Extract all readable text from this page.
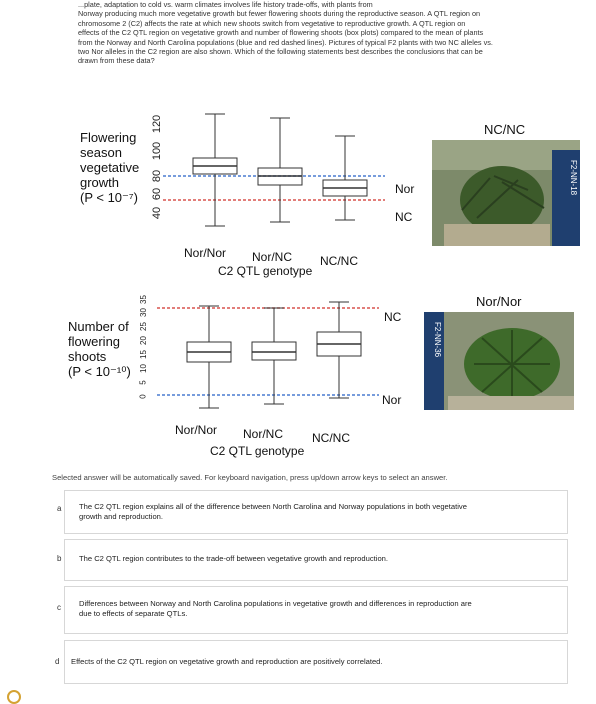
...plate, adaptation to cold vs. warm climates involves life history trade-offs, with plants from
Norway producing much more vegetative growth but fewer flowering shoots during the reproductive season. A QTL region on
chromosome 2 (C2) affects the rate at which new shoots switch from vegetative to reproductive growth. A QTL region on
effects of the C2 QTL region on vegetative growth and number of flowering shoots (box plots) compared to the mean of plants
from the Norway and North Carolina populations (blue and red dashed lines). Pictures of typical F2 plants with two NC alleles vs.
two Nor alleles in the C2 region are also shown. Which of the following statements best describes the conclusions that can be
drawn from these data?
Flowering
season
vegetative
growth
(P < 10⁻⁷)
120
100
80
60
40
Nor
NC
Nor/Nor Nor/NC NC/NC
C2 QTL genotype
NC/NC
F2-NN-18
Number of
flowering
shoots
(P < 10⁻¹⁰)
35
30
25
20
15
10
5
0
NC
Nor
Nor/Nor Nor/NC NC/NC
C2 QTL genotype
Nor/Nor
F2-NN-36
Selected answer will be automatically saved. For keyboard navigation, press up/down arrow keys to select an answer.
a The C2 QTL region explains all of the difference between North Carolina and Norway populations in both vegetative
growth and reproduction.
b The C2 QTL region contributes to the trade-off between vegetative growth and reproduction.
c Differences between Norway and North Carolina populations in vegetative growth and differences in reproduction are
due to effects of separate QTLs.
d Effects of the C2 QTL region on vegetative growth and reproduction are positively correlated.
